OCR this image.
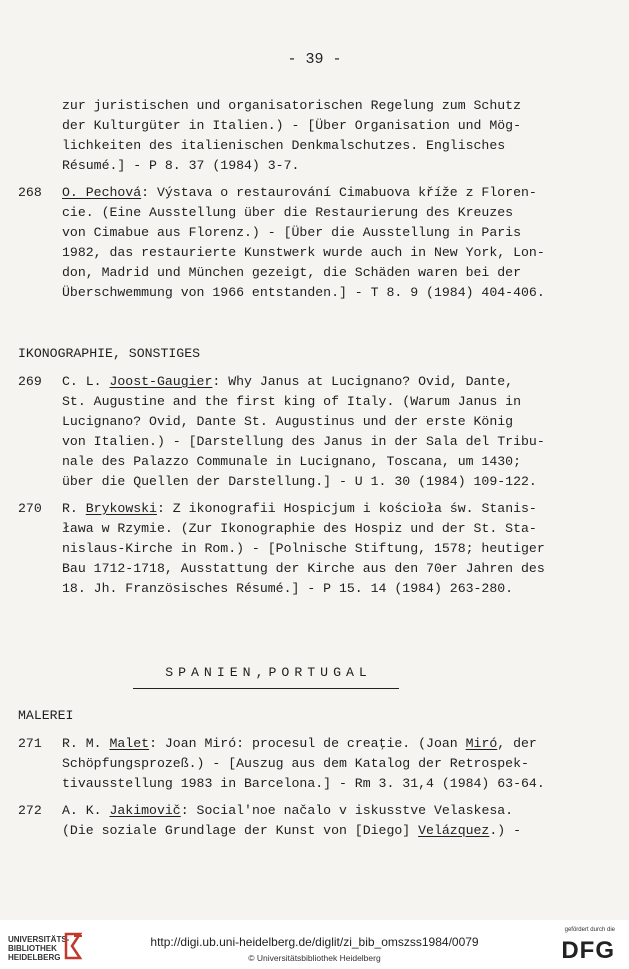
- 39 -
zur juristischen und organisatorischen Regelung zum Schutz
der Kulturgüter in Italien.) - [Über Organisation und Mög-
lichkeiten des italienischen Denkmalschutzes. Englisches
Résumé.] - P 8. 37 (1984) 3-7.
268 O. Pechová: Výstava o restaurování Cimabuova kříže z Floren-
cie. (Eine Ausstellung über die Restaurierung des Kreuzes
von Cimabue aus Florenz.) - [Über die Ausstellung in Paris
1982, das restaurierte Kunstwerk wurde auch in New York, Lon-
don, Madrid und München gezeigt, die Schäden waren bei der
Überschwemmung von 1966 entstanden.] - T 8. 9 (1984) 404-406.
IKONOGRAPHIE, SONSTIGES
269 C. L. Joost-Gaugier: Why Janus at Lucignano? Ovid, Dante,
St. Augustine and the first king of Italy. (Warum Janus in
Lucignano? Ovid, Dante St. Augustinus und der erste König
von Italien.) - [Darstellung des Janus in der Sala del Tribu-
nale des Palazzo Communale in Lucignano, Toscana, um 1430;
über die Quellen der Darstellung.] - U 1. 30 (1984) 109-122.
270 R. Brykowski: Z ikonografii Hospicjum i kościoła św. Stanis-
ława w Rzymie. (Zur Ikonographie des Hospiz und der St. Sta-
nislaus-Kirche in Rom.) - [Polnische Stiftung, 1578; heutiger
Bau 1712-1718, Ausstattung der Kirche aus den 70er Jahren des
18. Jh. Französisches Résumé.] - P 15. 14 (1984) 263-280.
SPANIEN,PORTUGAL
MALEREI
271 R. M. Malet: Joan Miró: procesul de creaţie. (Joan Miró, der
Schöpfungsprozeß.) - [Auszug aus dem Katalog der Retrospek-
tivausstellung 1983 in Barcelona.] - Rm 3. 31,4 (1984) 63-64.
272 A. K. Jakimovič: Social'noe načalo v iskusstve Velaskesa.
(Die soziale Grundlage der Kunst von [Diego] Velázquez.) -
UNIVERSITÄTS-
BIBLIOTHEK
HEIDELBERG
http://digi.ub.uni-heidelberg.de/diglit/zi_bib_omszss1984/0079
© Universitätsbibliothek Heidelberg
gefördert durch die
DFG
